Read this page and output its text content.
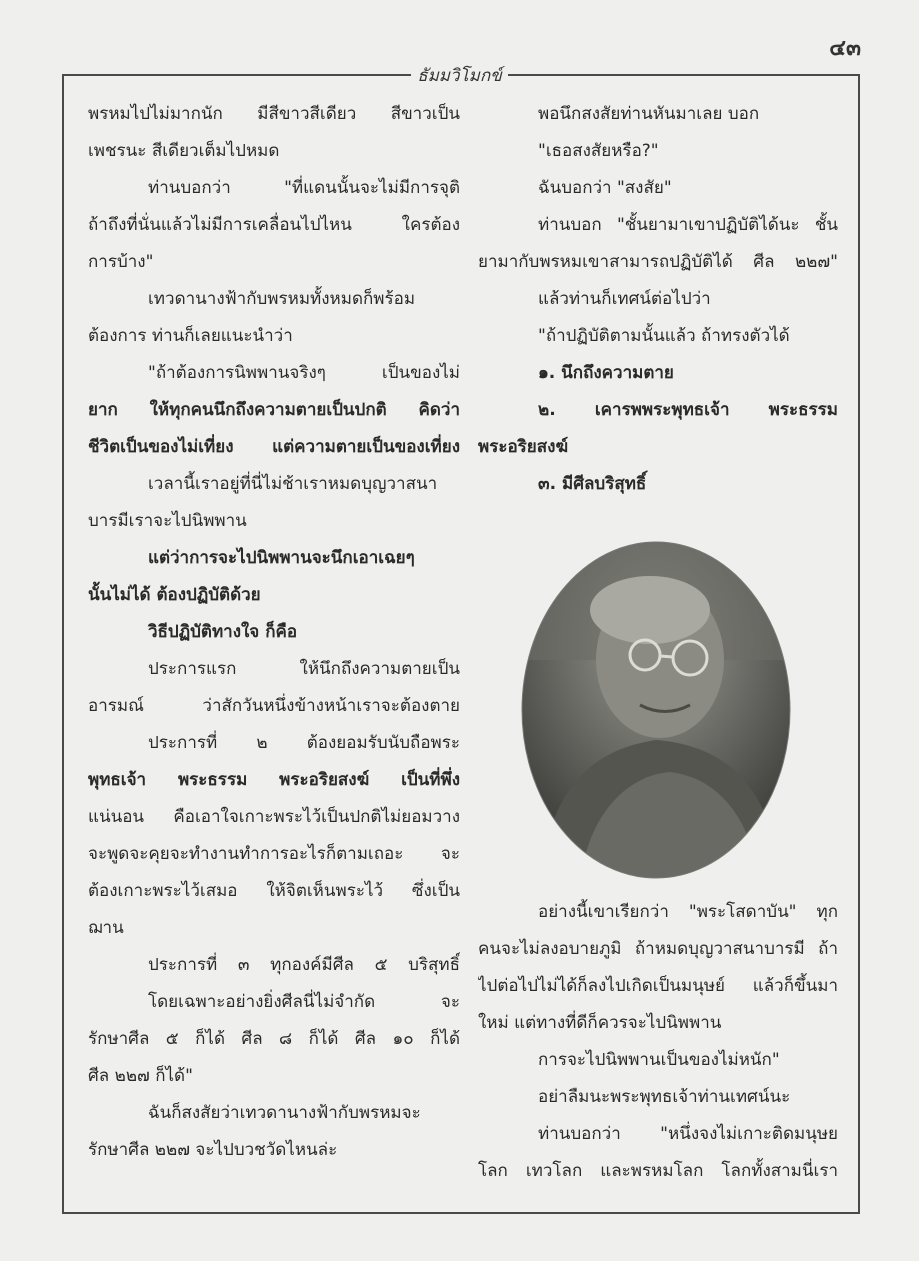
๔๓
ธัมมวิโมกข์
พรหมไปไม่มากนัก มีสีขาวสีเดียว สีขาวเป็น
เพชรนะ สีเดียวเต็มไปหมด
ท่านบอกว่า "ที่แดนนั้นจะไม่มีการจุติ
ถ้าถึงที่นั่นแล้วไม่มีการเคลื่อนไปไหน ใครต้อง
การบ้าง"
เทวดานางฟ้ากับพรหมทั้งหมดก็พร้อม
ต้องการ ท่านก็เลยแนะนำว่า
"ถ้าต้องการนิพพานจริงๆ เป็นของไม่
ยาก ให้ทุกคนนึกถึงความตายเป็นปกติ คิดว่า
ชีวิตเป็นของไม่เที่ยง แต่ความตายเป็นของเที่ยง
เวลานี้เราอยู่ที่นี่ไม่ช้าเราหมดบุญวาสนา
บารมีเราจะไปนิพพาน
แต่ว่าการจะไปนิพพานจะนึกเอาเฉยๆ
นั้นไม่ได้ ต้องปฏิบัติด้วย
วิธีปฏิบัติทางใจ ก็คือ
ประการแรก ให้นึกถึงความตายเป็น
อารมณ์ ว่าสักวันหนึ่งข้างหน้าเราจะต้องตาย
ประการที่ ๒ ต้องยอมรับนับถือพระ
พุทธเจ้า พระธรรม พระอริยสงฆ์ เป็นที่พึ่ง
แน่นอน คือเอาใจเกาะพระไว้เป็นปกติไม่ยอมวาง
จะพูดจะคุยจะทำงานทำการอะไรก็ตามเถอะ จะ
ต้องเกาะพระไว้เสมอ ให้จิตเห็นพระไว้ ซึ่งเป็น
ฌาน
ประการที่ ๓ ทุกองค์มีศีล ๕ บริสุทธิ์
โดยเฉพาะอย่างยิ่งศีลนี่ไม่จำกัด จะ
รักษาศีล ๕ ก็ได้ ศีล ๘ ก็ได้ ศีล ๑๐ ก็ได้
ศีล ๒๒๗ ก็ได้"
ฉันก็สงสัยว่าเทวดานางฟ้ากับพรหมจะ
รักษาศีล ๒๒๗ จะไปบวชวัดไหนล่ะ
พอนึกสงสัยท่านหันมาเลย บอก
"เธอสงสัยหรือ?"
ฉันบอกว่า "สงสัย"
ท่านบอก "ชั้นยามาเขาปฏิบัติได้นะ ชั้น
ยามากับพรหมเขาสามารถปฏิบัติได้ ศีล ๒๒๗"
แล้วท่านก็เทศน์ต่อไปว่า
"ถ้าปฏิบัติตามนั้นแล้ว ถ้าทรงตัวได้
๑. นึกถึงความตาย
๒. เคารพพระพุทธเจ้า พระธรรม
พระอริยสงฆ์
๓. มีศีลบริสุทธิ์
อย่างนี้เขาเรียกว่า "พระโสดาบัน" ทุก
คนจะไม่ลงอบายภูมิ ถ้าหมดบุญวาสนาบารมี ถ้า
ไปต่อไปไม่ได้ก็ลงไปเกิดเป็นมนุษย์ แล้วก็ขึ้นมา
ใหม่ แต่ทางที่ดีก็ควรจะไปนิพพาน
การจะไปนิพพานเป็นของไม่หนัก"
อย่าลืมนะพระพุทธเจ้าท่านเทศน์นะ
ท่านบอกว่า "หนึ่งจงไม่เกาะติดมนุษย
โลก เทวโลก และพรหมโลก โลกทั้งสามนี่เรา
